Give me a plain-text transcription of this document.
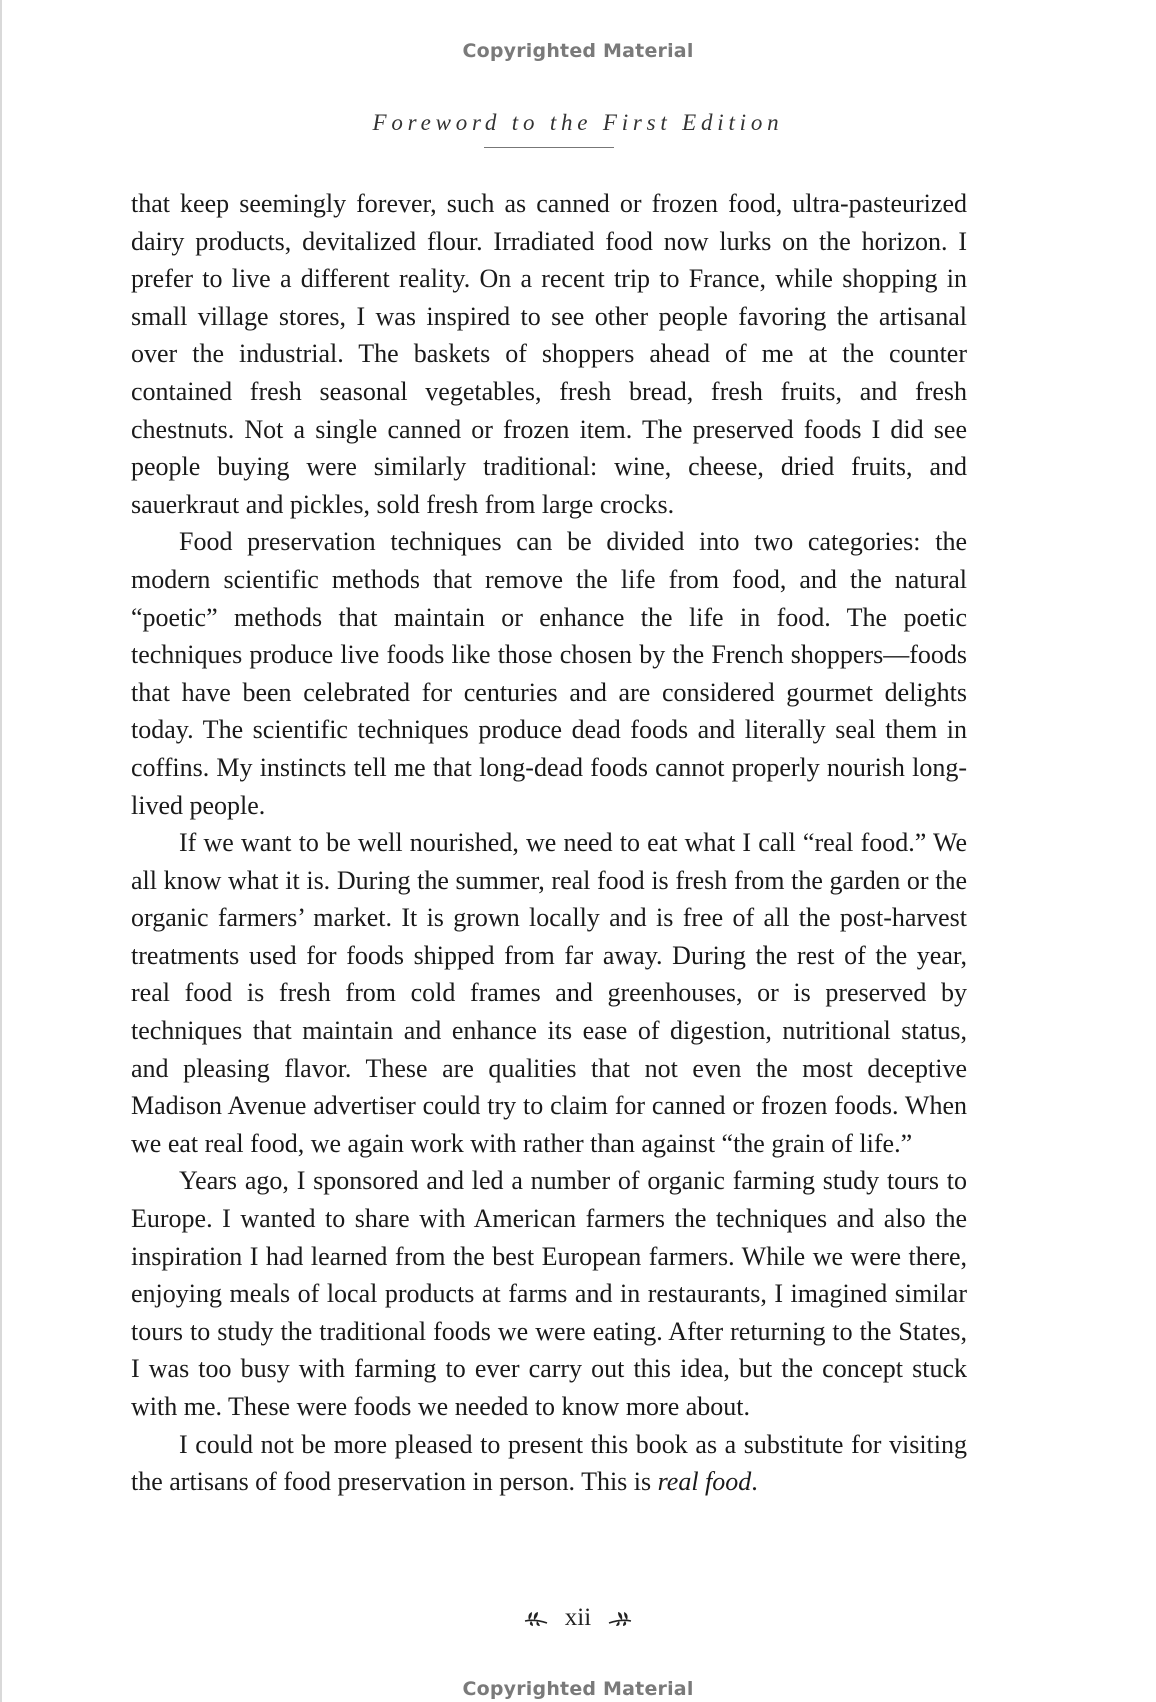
Copyrighted Material
Foreword to the First Edition

that keep seemingly forever, such as canned or frozen food, ultra-pasteurized dairy products, devitalized flour. Irradiated food now lurks on the horizon. I prefer to live a different reality. On a recent trip to France, while shopping in small village stores, I was inspired to see other people favoring the artisanal over the industrial. The baskets of shoppers ahead of me at the counter contained fresh seasonal vegetables, fresh bread, fresh fruits, and fresh chestnuts. Not a single canned or frozen item. The preserved foods I did see people buying were similarly traditional: wine, cheese, dried fruits, and sauerkraut and pickles, sold fresh from large crocks.

Food preservation techniques can be divided into two categories: the modern scientific methods that remove the life from food, and the natural “poetic” methods that maintain or enhance the life in food. The poetic techniques produce live foods like those chosen by the French shoppers—foods that have been celebrated for centuries and are considered gourmet delights today. The scientific techniques produce dead foods and literally seal them in coffins. My instincts tell me that long-dead foods cannot properly nourish long-lived people.

If we want to be well nourished, we need to eat what I call “real food.” We all know what it is. During the summer, real food is fresh from the garden or the organic farmers’ market. It is grown locally and is free of all the post-harvest treatments used for foods shipped from far away. During the rest of the year, real food is fresh from cold frames and greenhouses, or is preserved by techniques that maintain and enhance its ease of digestion, nutritional status, and pleasing flavor. These are qualities that not even the most deceptive Madison Avenue advertiser could try to claim for canned or frozen foods. When we eat real food, we again work with rather than against “the grain of life.”

Years ago, I sponsored and led a number of organic farming study tours to Europe. I wanted to share with American farmers the techniques and also the inspiration I had learned from the best European farmers. While we were there, enjoying meals of local products at farms and in restaurants, I imagined similar tours to study the traditional foods we were eating. After returning to the States, I was too busy with farming to ever carry out this idea, but the concept stuck with me. These were foods we needed to know more about.

I could not be more pleased to present this book as a substitute for visiting the artisans of food preservation in person. This is real food.

xii
Copyrighted Material
